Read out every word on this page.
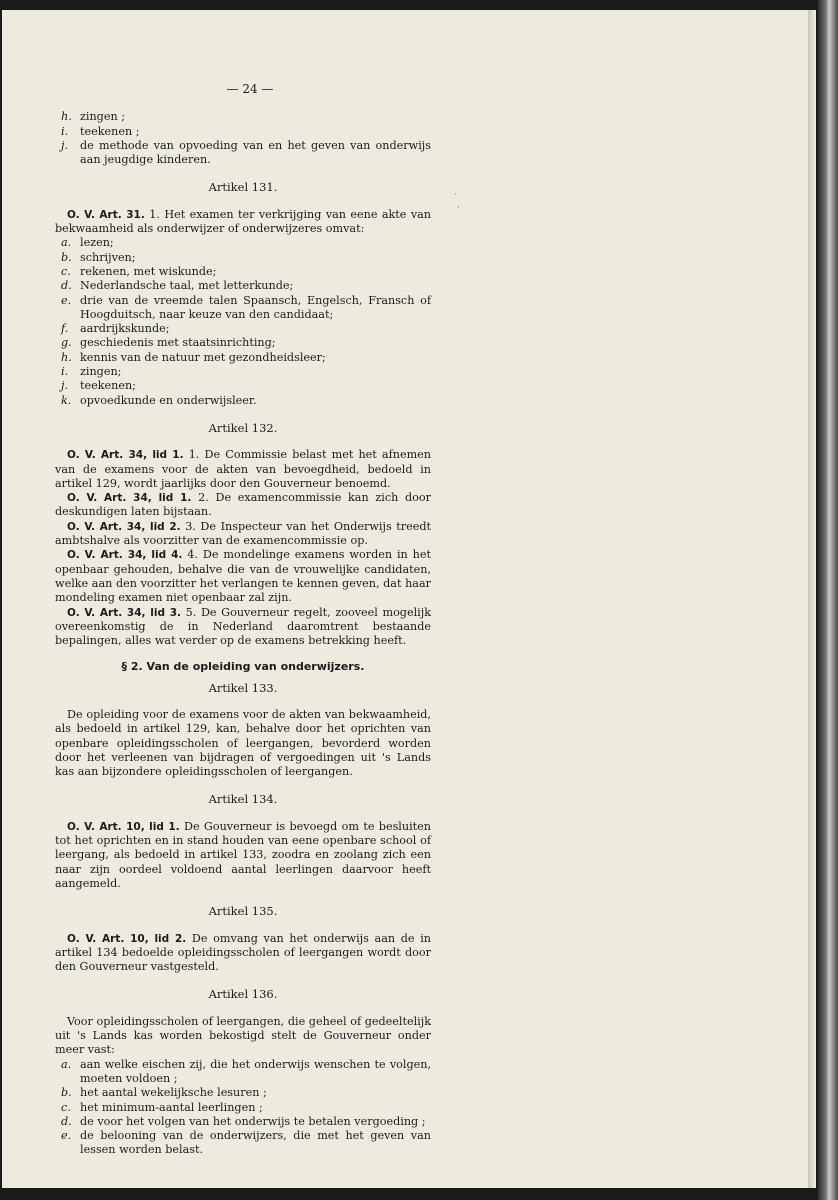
·
ˈ
— 24 —
h. zingen ;
i.	teekenen ;
j.	de methode van opvoeding van en het geven van onderwijs aan jeugdige kinderen.
Artikel 131.
O. V. Art. 31. 1. Het examen ter verkrijging van eene akte van bekwaamheid als onderwijzer of onderwijzeres omvat:
a. lezen;
b. schrijven;
c. rekenen, met wiskunde;
d. Nederlandsche taal, met letterkunde;
e. drie van de vreemde talen Spaansch, Engelsch, Fransch of Hoogduitsch, naar keuze van den candidaat;
f.	aardrijkskunde;
g. geschiedenis met staatsinrichting;
h. kennis van de natuur met gezondheidsleer;
i.	zingen;
j.	teekenen;
k. opvoedkunde en onderwijsleer.
Artikel 132.
O. V. Art. 34, lid 1. 1. De Commissie belast met het afnemen van de examens voor de akten van bevoegdheid, bedoeld in artikel 129, wordt jaarlijks door den Gouverneur benoemd.
O. V. Art. 34, lid 1. 2. De examencommissie kan zich door deskundigen laten bijstaan.
O. V. Art. 34, lid 2. 3. De Inspecteur van het Onderwijs treedt ambtshalve als voorzitter van de examencommissie op.
O. V. Art. 34, lid 4. 4. De mondelinge examens worden in het openbaar gehouden, behalve die van de vrouwelijke candidaten, welke aan den voorzitter het verlangen te kennen geven, dat haar mondeling examen niet openbaar zal zijn.
O. V. Art. 34, lid 3. 5. De Gouverneur regelt, zooveel mogelijk overeenkomstig de in Nederland daaromtrent bestaande bepalingen, alles wat verder op de examens betrekking heeft.
§ 2. Van de opleiding van onderwijzers.
Artikel 133.
De opleiding voor de examens voor de akten van bekwaamheid, als bedoeld in artikel 129, kan, behalve door het oprichten van openbare opleidingsscholen of leergangen, bevorderd worden door het verleenen van bijdragen of vergoedingen uit 's Lands kas aan bijzondere opleidingsscholen of leergangen.
Artikel 134.
O. V. Art. 10, lid 1. De Gouverneur is bevoegd om te besluiten tot het oprichten en in stand houden van eene openbare school of leergang, als bedoeld in artikel 133, zoodra en zoolang zich een naar zijn oordeel voldoend aantal leerlingen daarvoor heeft aangemeld.
Artikel 135.
O. V. Art. 10, lid 2. De omvang van het onderwijs aan de in artikel 134 bedoelde opleidingsscholen of leergangen wordt door den Gouverneur vastgesteld.
Artikel 136.
Voor opleidingsscholen of leergangen, die geheel of gedeeltelijk uit 's Lands kas worden bekostigd stelt de Gouverneur onder meer vast:
a. aan welke eischen zij, die het onderwijs wenschen te volgen, moeten voldoen ;
b. het aantal wekelijksche lesuren ;
c. het minimum-aantal leerlingen ;
d. de voor het volgen van het onderwijs te betalen vergoeding ;
e. de belooning van de onderwijzers, die met het geven van lessen worden belast.
